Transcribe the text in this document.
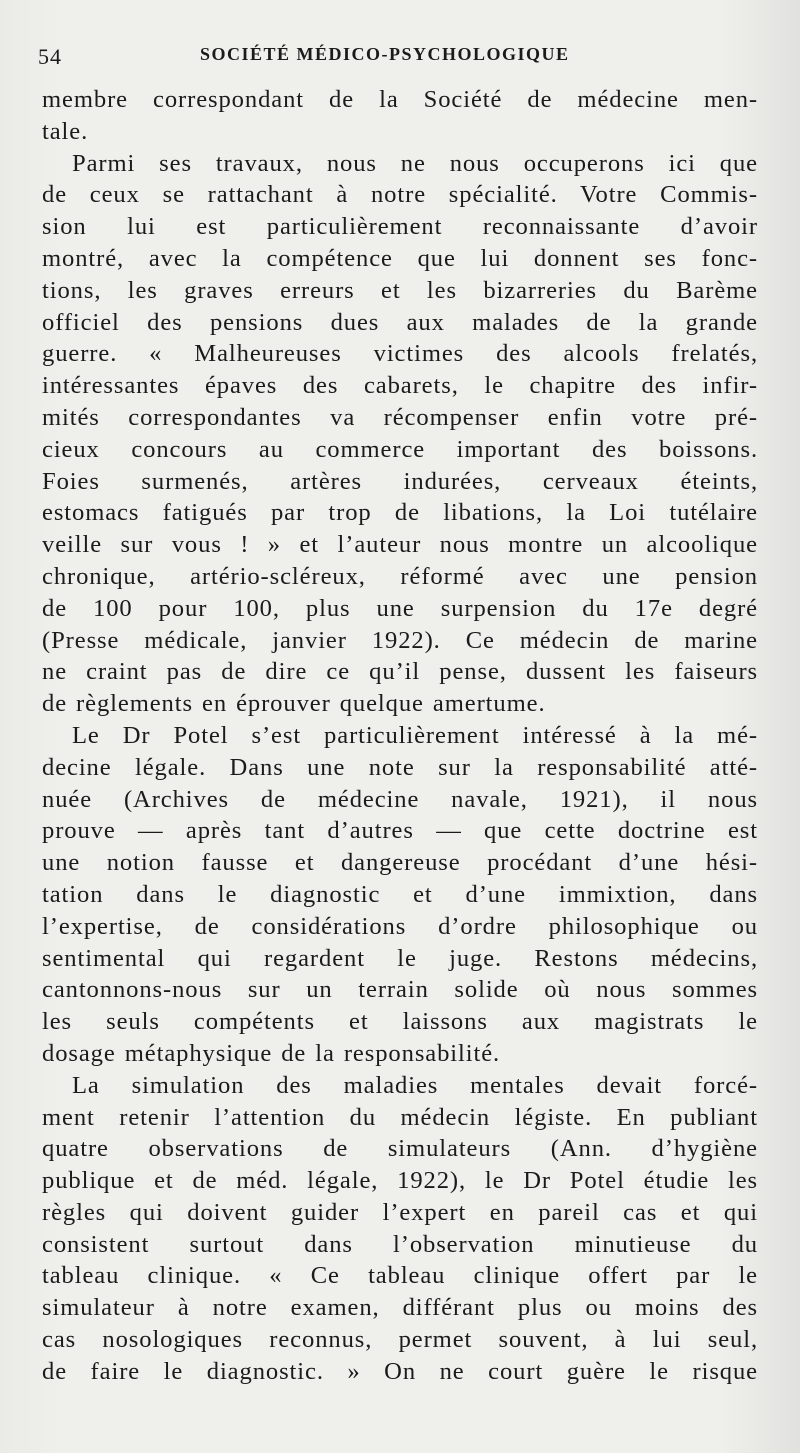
54	SOCIÉTÉ MÉDICO-PSYCHOLOGIQUE
membre correspondant de la Société de médecine men-
tale.
Parmi ses travaux, nous ne nous occuperons ici que
de ceux se rattachant à notre spécialité. Votre Commis-
sion lui est particulièrement reconnaissante d’avoir
montré, avec la compétence que lui donnent ses fonc-
tions, les graves erreurs et les bizarreries du Barème
officiel des pensions dues aux malades de la grande
guerre. « Malheureuses victimes des alcools frelatés,
intéressantes épaves des cabarets, le chapitre des infir-
mités correspondantes va récompenser enfin votre pré-
cieux concours au commerce important des boissons.
Foies surmenés, artères indurées, cerveaux éteints,
estomacs fatigués par trop de libations, la Loi tutélaire
veille sur vous ! » et l’auteur nous montre un alcoolique
chronique, artério-scléreux, réformé avec une pension
de 100 pour 100, plus une surpension du 17e degré
(Presse médicale, janvier 1922). Ce médecin de marine
ne craint pas de dire ce qu’il pense, dussent les faiseurs
de règlements en éprouver quelque amertume.
Le Dr Potel s’est particulièrement intéressé à la mé-
decine légale. Dans une note sur la responsabilité atté-
nuée (Archives de médecine navale, 1921), il nous
prouve — après tant d’autres — que cette doctrine est
une notion fausse et dangereuse procédant d’une hési-
tation dans le diagnostic et d’une immixtion, dans
l’expertise, de considérations d’ordre philosophique ou
sentimental qui regardent le juge. Restons médecins,
cantonnons-nous sur un terrain solide où nous sommes
les seuls compétents et laissons aux magistrats le
dosage métaphysique de la responsabilité.
La simulation des maladies mentales devait forcé-
ment retenir l’attention du médecin légiste. En publiant
quatre observations de simulateurs (Ann. d’hygiène
publique et de méd. légale, 1922), le Dr Potel étudie les
règles qui doivent guider l’expert en pareil cas et qui
consistent surtout dans l’observation minutieuse du
tableau clinique. « Ce tableau clinique offert par le
simulateur à notre examen, différant plus ou moins des
cas nosologiques reconnus, permet souvent, à lui seul,
de faire le diagnostic. » On ne court guère le risque
